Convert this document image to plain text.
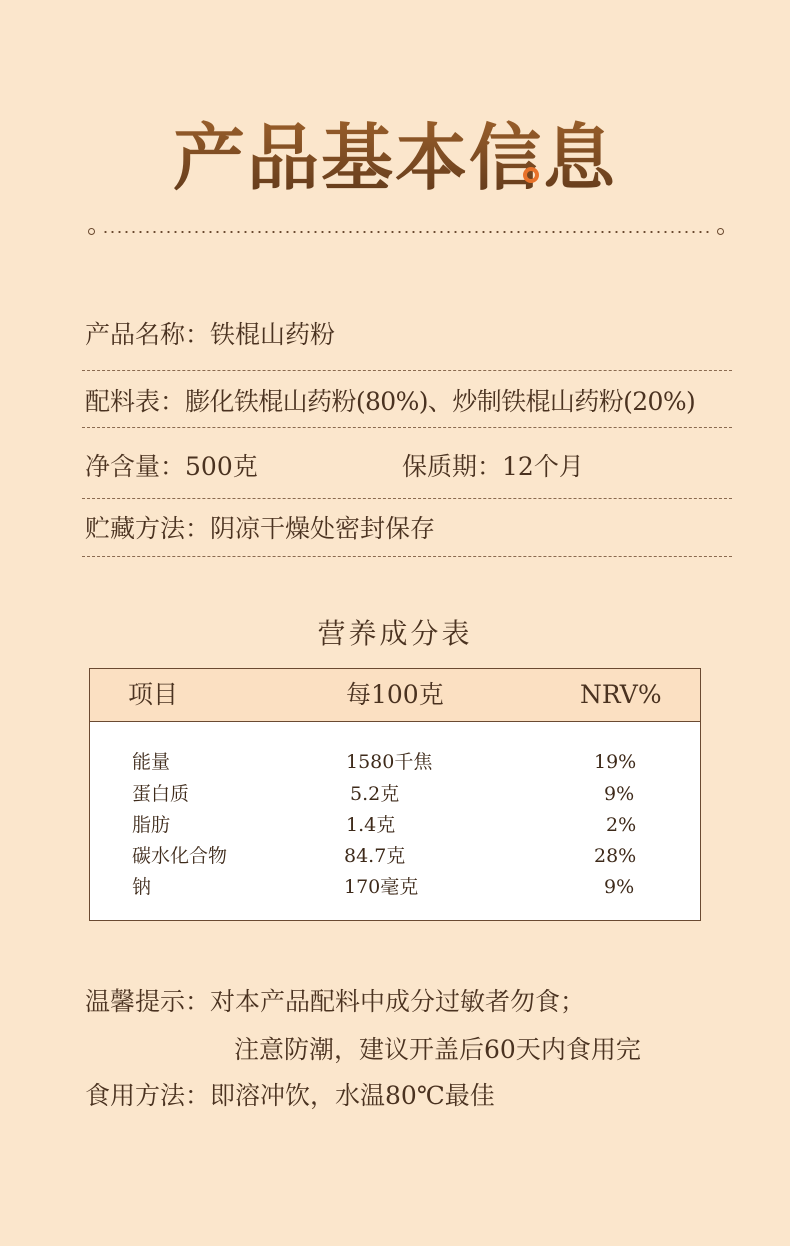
产品基本信息
产品名称：铁棍山药粉
配料表：膨化铁棍山药粉(80%)、炒制铁棍山药粉(20%)
净含量：500克	保质期：12个月
贮藏方法：阴凉干燥处密封保存
营养成分表
项目	每100克	NRV%
能量	1580千焦	19%
蛋白质	5.2克	9%
脂肪	1.4克	2%
碳水化合物	84.7克	28%
钠	170毫克	9%
温馨提示：对本产品配料中成分过敏者勿食；
注意防潮，建议开盖后60天内食用完
食用方法：即溶冲饮，水温80℃最佳
